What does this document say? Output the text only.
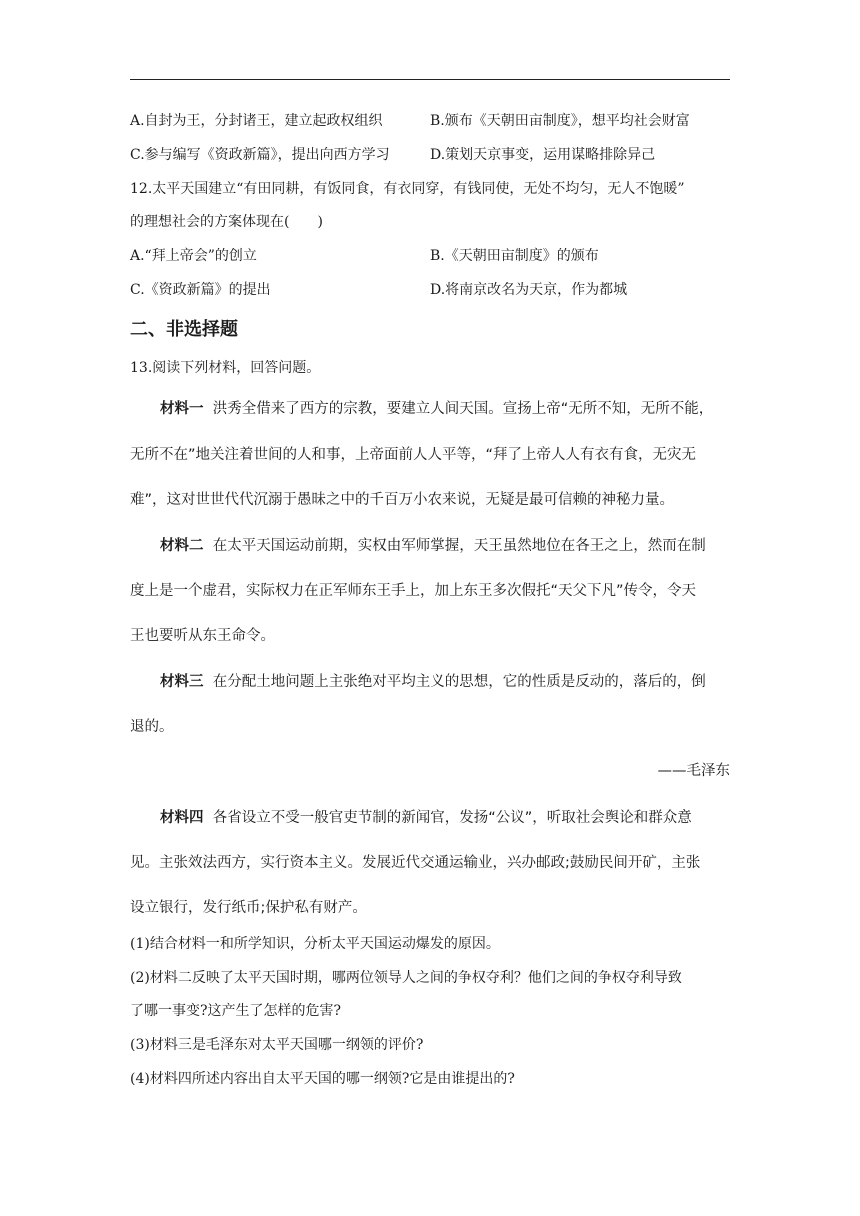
A.自封为王，分封诸王，建立起政权组织	B.颁布《天朝田亩制度》，想平均社会财富
C.参与编写《资政新篇》，提出向西方学习	D.策划天京事变，运用谋略排除异己
12.太平天国建立“有田同耕，有饭同食，有衣同穿，有钱同使，无处不均匀，无人不饱暖”
的理想社会的方案体现在(　　)
A.“拜上帝会”的创立	B.《天朝田亩制度》的颁布
C.《资政新篇》的提出	D.将南京改名为天京，作为都城
二、非选择题
13.阅读下列材料，回答问题。
材料一 洪秀全借来了西方的宗教，要建立人间天国。宣扬上帝“无所不知，无所不能，
无所不在”地关注着世间的人和事，上帝面前人人平等，“拜了上帝人人有衣有食，无灾无
难”，这对世世代代沉溺于愚昧之中的千百万小农来说，无疑是最可信赖的神秘力量。
材料二 在太平天国运动前期，实权由军师掌握，天王虽然地位在各王之上，然而在制
度上是一个虚君，实际权力在正军师东王手上，加上东王多次假托“天父下凡”传令，令天
王也要听从东王命令。
材料三 在分配土地问题上主张绝对平均主义的思想，它的性质是反动的，落后的，倒
退的。
——毛泽东
材料四 各省设立不受一般官吏节制的新闻官，发扬“公议”，听取社会舆论和群众意
见。主张效法西方，实行资本主义。发展近代交通运输业，兴办邮政;鼓励民间开矿，主张
设立银行，发行纸币;保护私有财产。
(1)结合材料一和所学知识，分析太平天国运动爆发的原因。
(2)材料二反映了太平天国时期，哪两位领导人之间的争权夺利？他们之间的争权夺利导致
了哪一事变?这产生了怎样的危害?
(3)材料三是毛泽东对太平天国哪一纲领的评价?
(4)材料四所述内容出自太平天国的哪一纲领?它是由谁提出的?
